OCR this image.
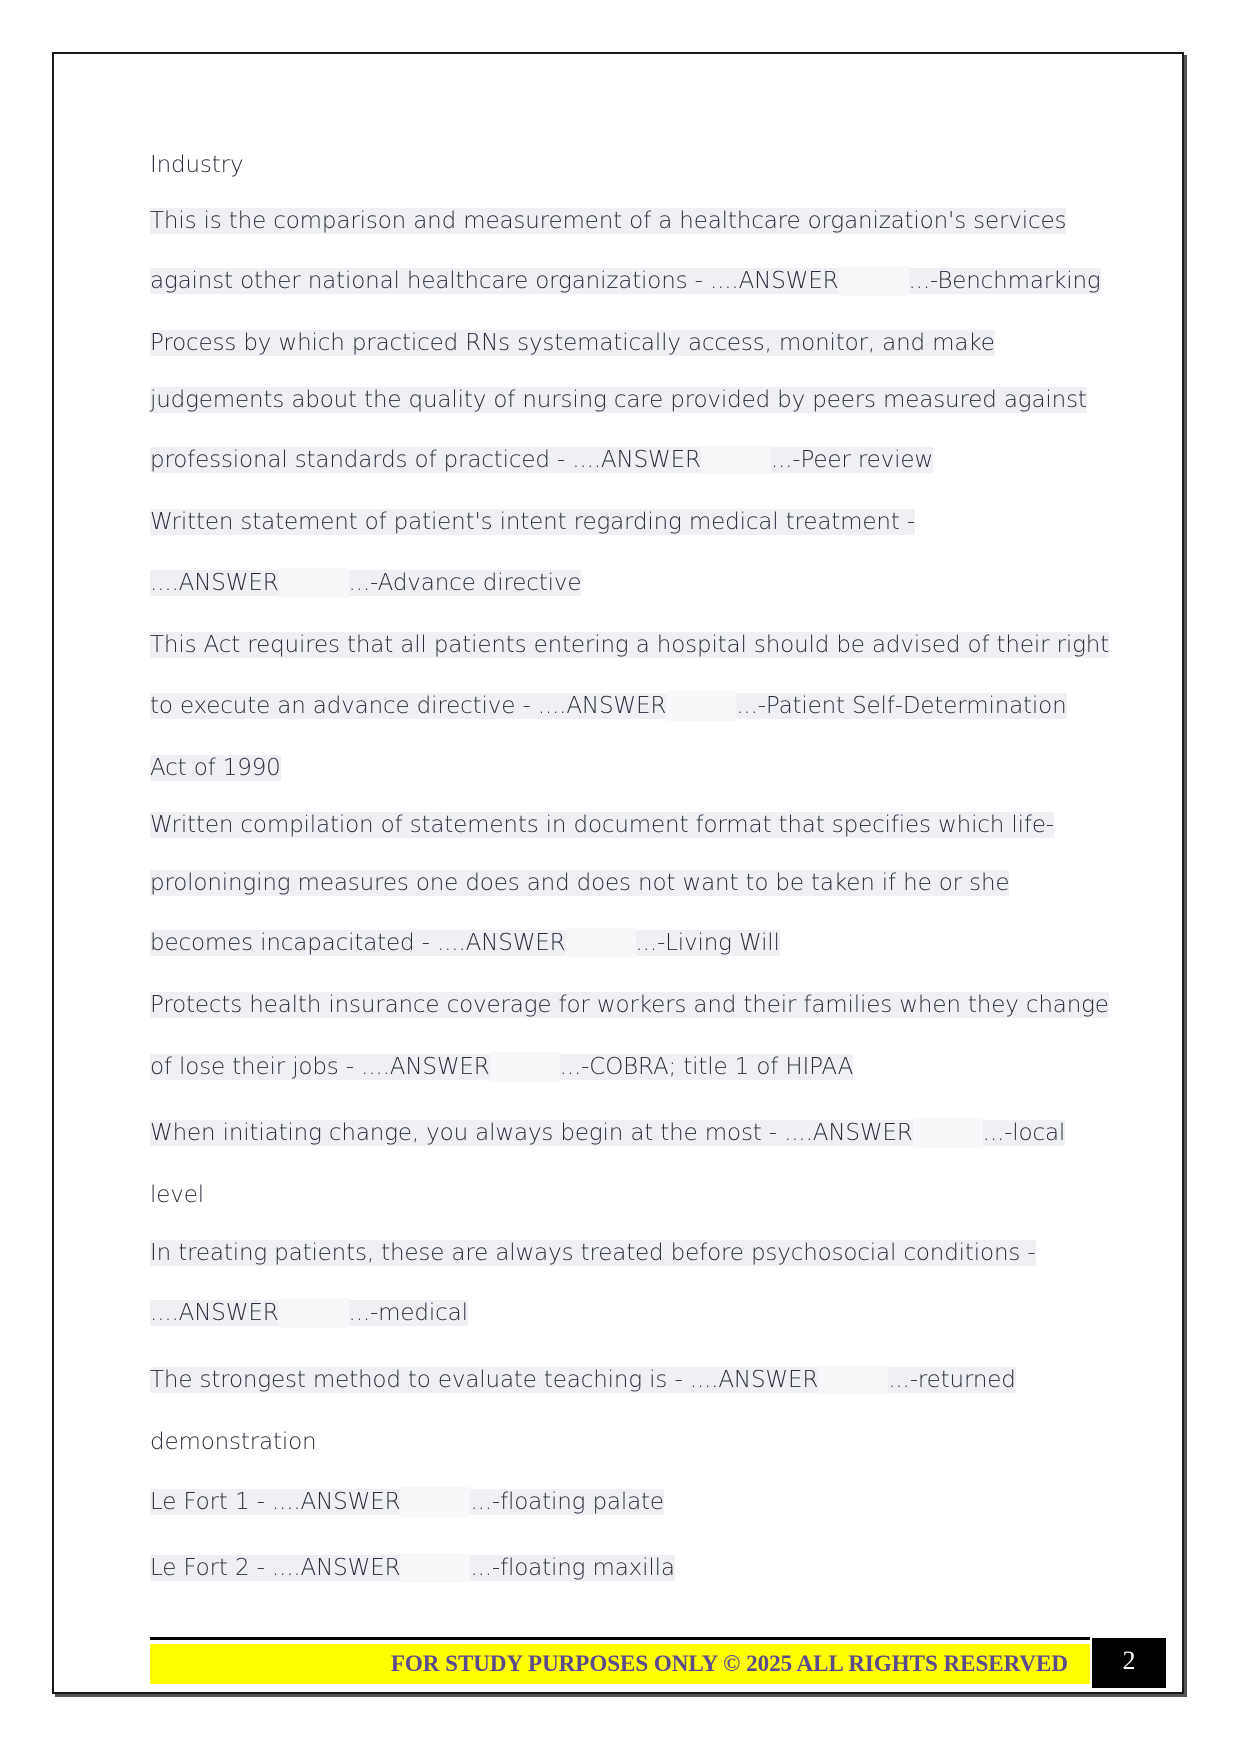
Industry
This is the comparison and measurement of a healthcare organization's services
against other national healthcare organizations - ....ANSWER	...-Benchmarking
Process by which practiced RNs systematically access, monitor, and make
judgements about the quality of nursing care provided by peers measured against
professional standards of practiced - ....ANSWER	...-Peer review
Written statement of patient's intent regarding medical treatment -
....ANSWER	...-Advance directive
This Act requires that all patients entering a hospital should be advised of their right
to execute an advance directive - ....ANSWER	...-Patient Self-Determination
Act of 1990
Written compilation of statements in document format that specifies which life-
proloninging measures one does and does not want to be taken if he or she
becomes incapacitated - ....ANSWER	...-Living Will
Protects health insurance coverage for workers and their families when they change
of lose their jobs - ....ANSWER	...-COBRA; title 1 of HIPAA
When initiating change, you always begin at the most - ....ANSWER	...-local
level
In treating patients, these are always treated before psychosocial conditions -
....ANSWER	...-medical
The strongest method to evaluate teaching is - ....ANSWER	...-returned
demonstration
Le Fort 1 - ....ANSWER	...-floating palate
Le Fort 2 - ....ANSWER	...-floating maxilla
FOR STUDY PURPOSES ONLY © 2025 ALL RIGHTS RESERVED	2
